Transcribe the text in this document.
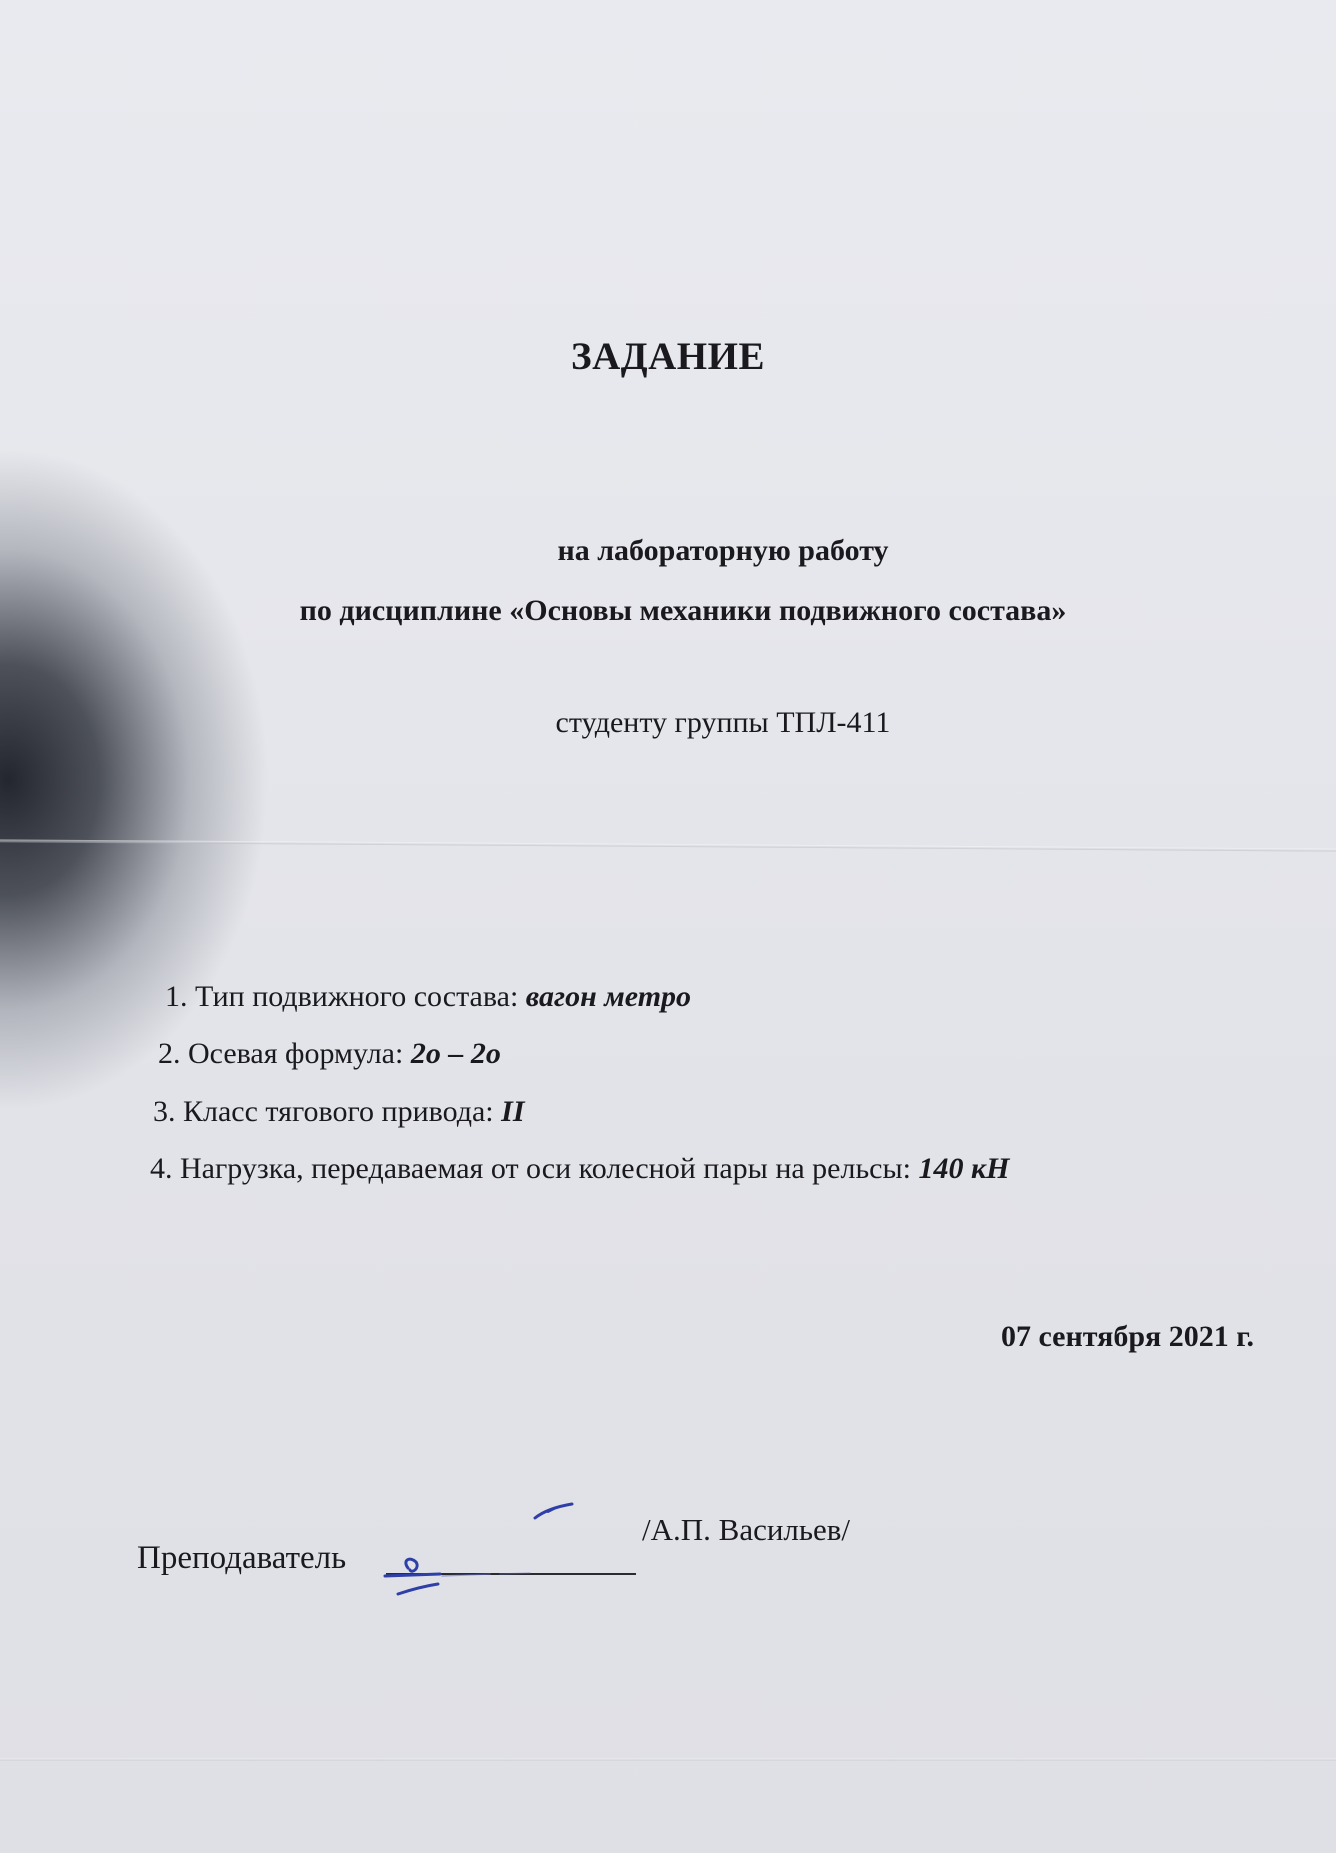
ЗАДАНИЕ
на лабораторную работу
по дисциплине «Основы механики подвижного состава»
студенту группы ТПЛ-411
1. Тип подвижного состава: вагон метро
2. Осевая формула: 2о – 2о
3. Класс тягового привода: II
4. Нагрузка, передаваемая от оси колесной пары на рельсы: 140 кН
07 сентября 2021 г.
Преподаватель
/А.П. Васильев/
